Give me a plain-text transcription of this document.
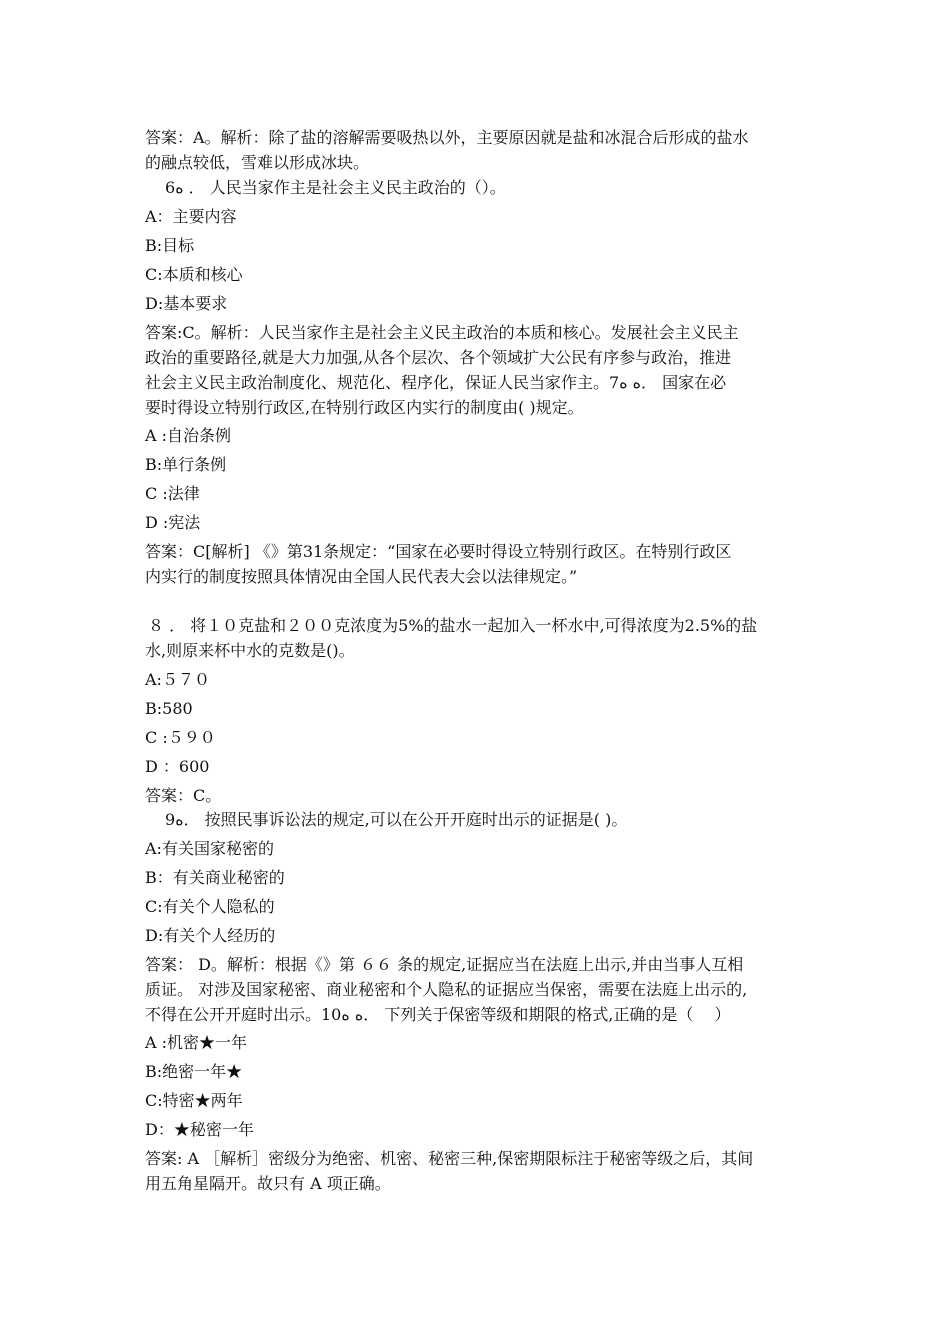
答案：A。解析：除了盐的溶解需要吸热以外，主要原因就是盐和冰混合后形成的盐水
的融点较低，雪难以形成冰块。
6ه ． 人民当家作主是社会主义民主政治的（）。
A：主要内容
B:目标
C:本质和核心
D:基本要求
答案:C。解析：人民当家作主是社会主义民主政治的本质和核心。发展社会主义民主
政治的重要路径,就是大力加强,从各个层次、各个领域扩大公民有序参与政治，推进
社会主义民主政治制度化、规范化、程序化，保证人民当家作主。7ه ه． 国家在必
要时得设立特别行政区,在特别行政区内实行的制度由( )规定。
A :自治条例
B:单行条例
C :法律
D :宪法
答案：C[解析] 《》第31条规定：“国家在必要时得设立特别行政区。在特别行政区
内实行的制度按照具体情况由全国人民代表大会以法律规定。”
８ ． 将１０克盐和２００克浓度为5%的盐水一起加入一杯水中,可得浓度为2.5%的盐
水,则原来杯中水的克数是()。
A:５７０
B:580
C :５９０
D ：600
答案：C。
9ه． 按照民事诉讼法的规定,可以在公开开庭时出示的证据是( )。
A:有关国家秘密的
B：有关商业秘密的
C:有关个人隐私的
D:有关个人经历的
答案： D。解析：根据《》第 ６６ 条的规定,证据应当在法庭上出示,并由当事人互相
质证。 对涉及国家秘密、商业秘密和个人隐私的证据应当保密，需要在法庭上出示的,
不得在公开开庭时出示。10ه ه． 下列关于保密等级和期限的格式,正确的是（　 ）
A :机密★一年
B:绝密一年★
C:特密★两年
D：★秘密一年
答案: A ［解析］密级分为绝密、机密、秘密三种,保密期限标注于秘密等级之后，其间
用五角星隔开。故只有 A 项正确。
